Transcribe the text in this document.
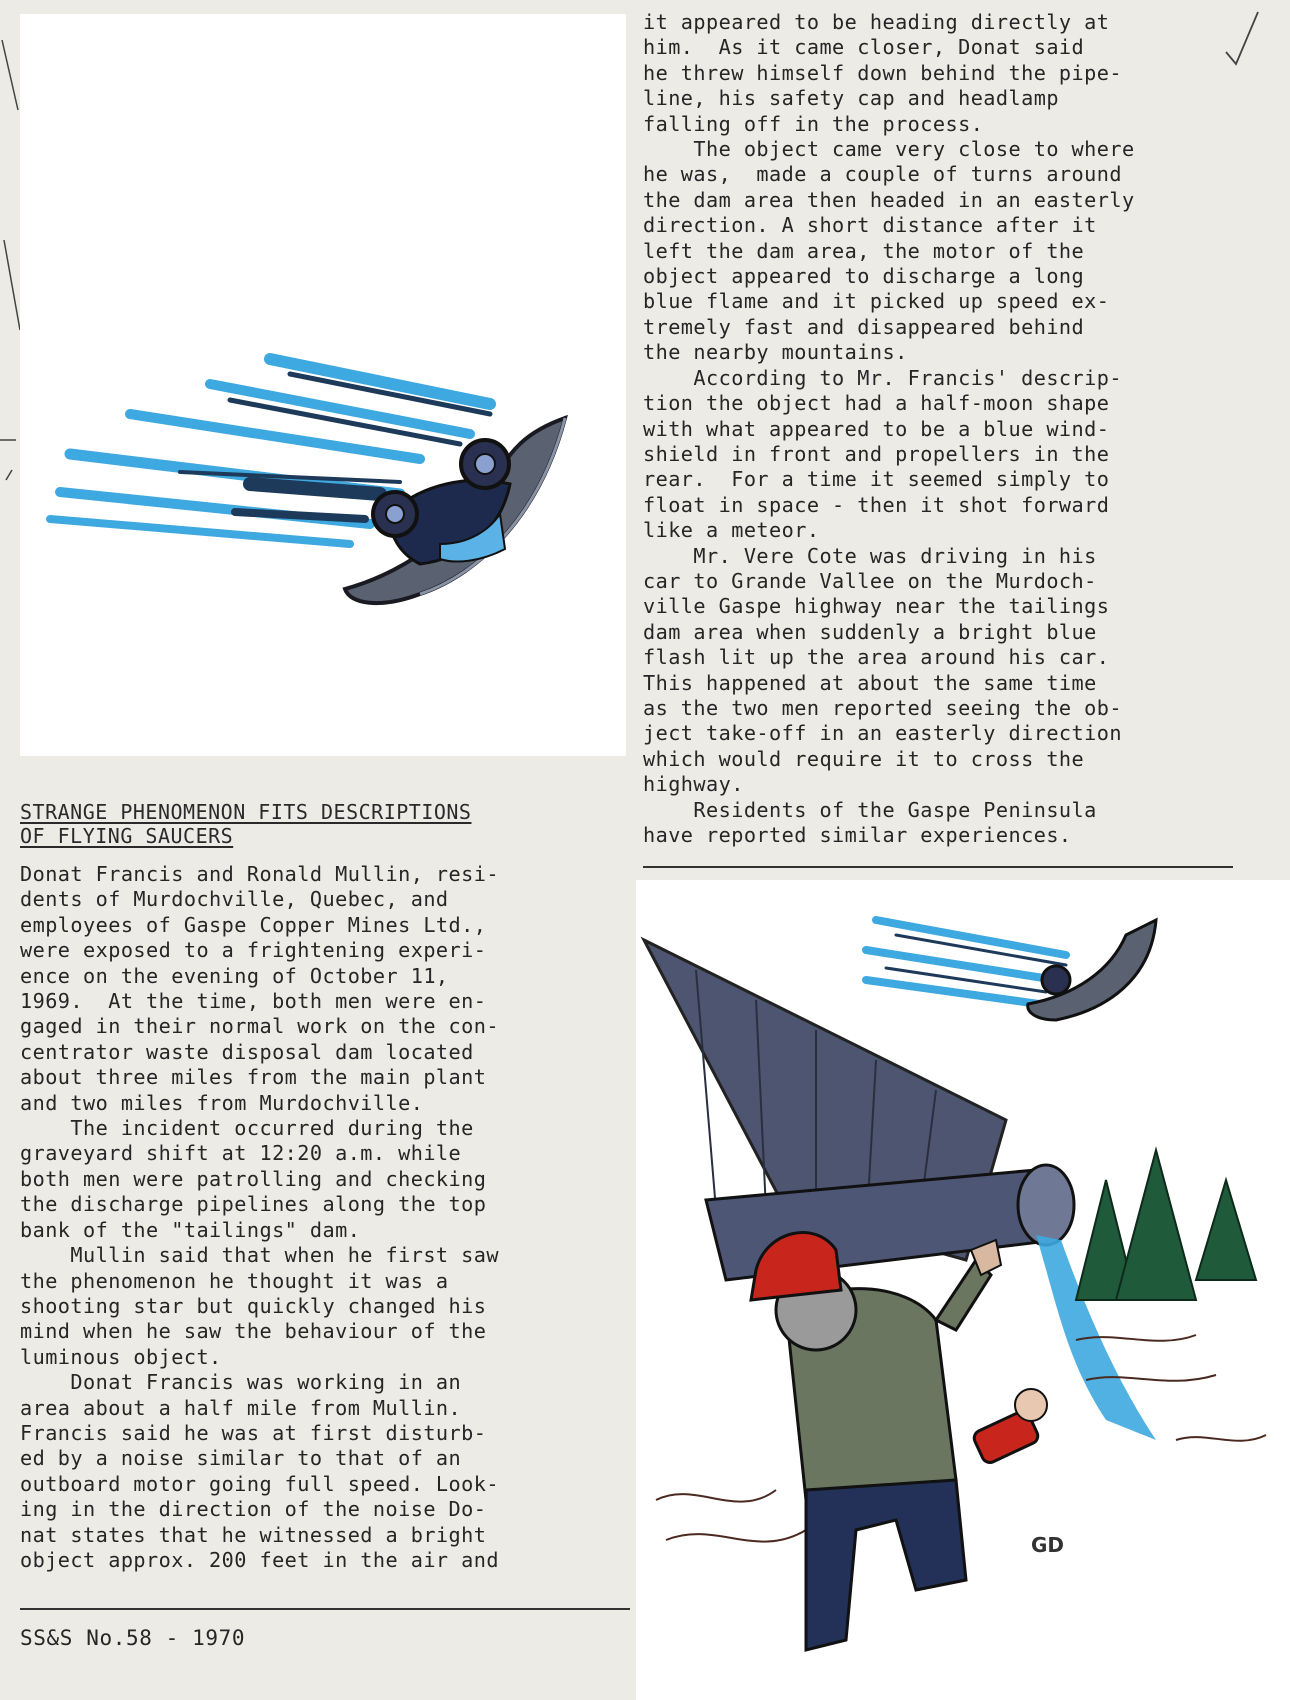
STRANGE PHENOMENON FITS DESCRIPTIONS
OF FLYING SAUCERS
Donat Francis and Ronald Mullin, resi-
dents of Murdochville, Quebec, and
employees of Gaspe Copper Mines Ltd.,
were exposed to a frightening experi-
ence on the evening of October 11,
1969.  At the time, both men were en-
gaged in their normal work on the con-
centrator waste disposal dam located
about three miles from the main plant
and two miles from Murdochville.
The incident occurred during the
graveyard shift at 12:20 a.m. while
both men were patrolling and checking
the discharge pipelines along the top
bank of the "tailings" dam.
Mullin said that when he first saw
the phenomenon he thought it was a
shooting star but quickly changed his
mind when he saw the behaviour of the
luminous object.
Donat Francis was working in an
area about a half mile from Mullin.
Francis said he was at first disturb-
ed by a noise similar to that of an
outboard motor going full speed. Look-
ing in the direction of the noise Do-
nat states that he witnessed a bright
object approx. 200 feet in the air and
SS&S No.58 - 1970
it appeared to be heading directly at
him.  As it came closer, Donat said
he threw himself down behind the pipe-
line, his safety cap and headlamp
falling off in the process.
The object came very close to where
he was,  made a couple of turns around
the dam area then headed in an easterly
direction. A short distance after it
left the dam area, the motor of the
object appeared to discharge a long
blue flame and it picked up speed ex-
tremely fast and disappeared behind
the nearby mountains.
According to Mr. Francis' descrip-
tion the object had a half-moon shape
with what appeared to be a blue wind-
shield in front and propellers in the
rear.  For a time it seemed simply to
float in space - then it shot forward
like a meteor.
Mr. Vere Cote was driving in his
car to Grande Vallee on the Murdoch-
ville Gaspe highway near the tailings
dam area when suddenly a bright blue
flash lit up the area around his car.
This happened at about the same time
as the two men reported seeing the ob-
ject take-off in an easterly direction
which would require it to cross the
highway.
Residents of the Gaspe Peninsula
have reported similar experiences.
GD
